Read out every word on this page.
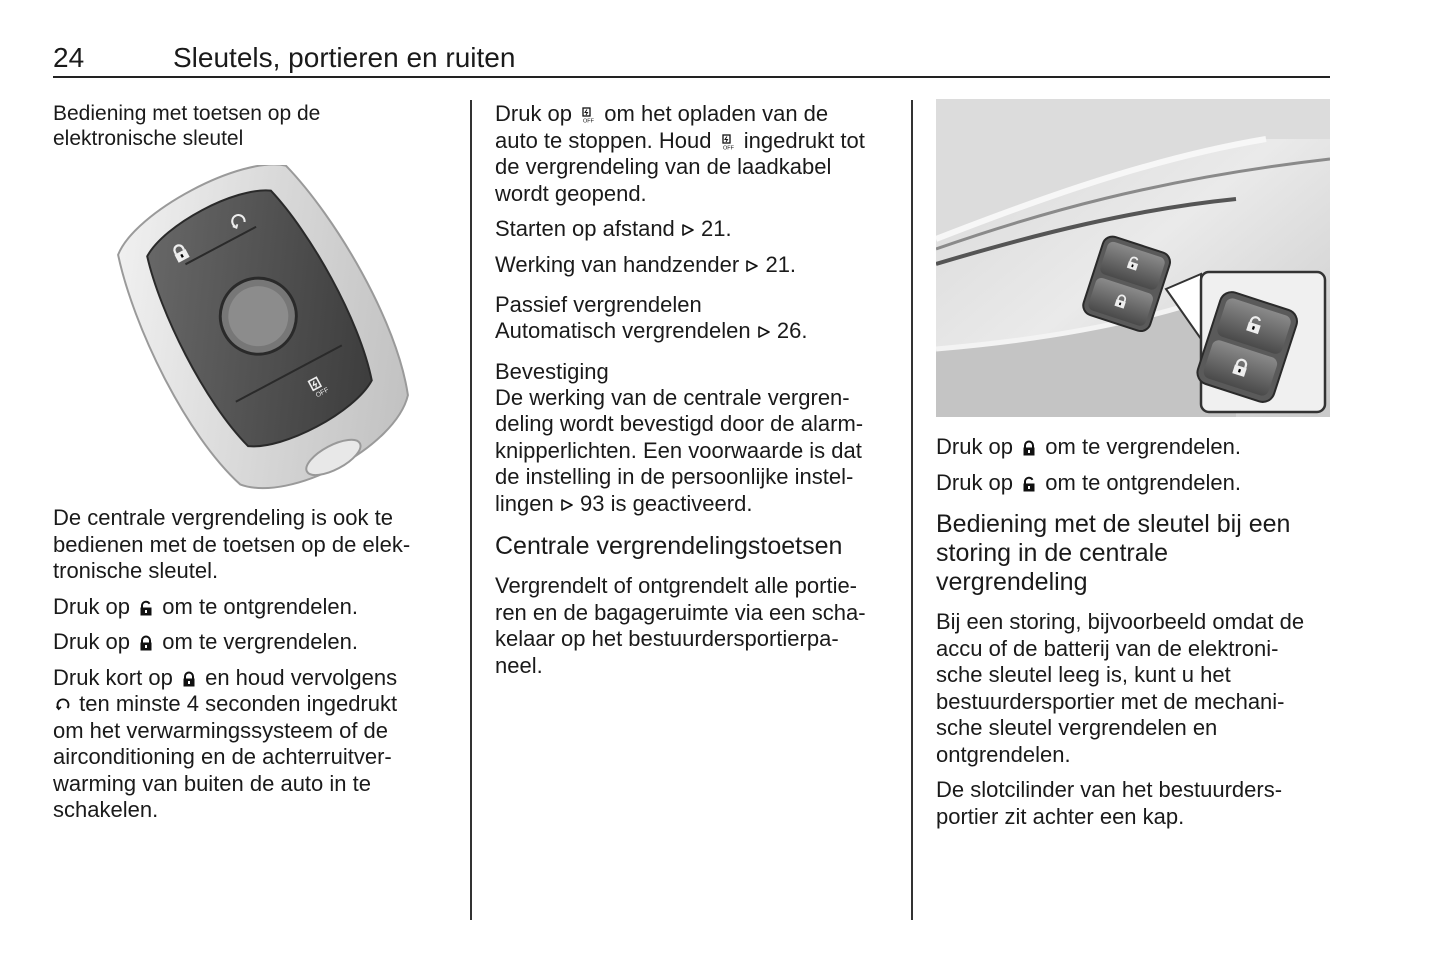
24	Sleutels, portieren en ruiten
Bediening met toetsen op de
elektronische sleutel

De centrale vergrendeling is ook te
bedienen met de toetsen op de elek-
tronische sleutel.

Druk op om te ontgrendelen.

Druk op om te vergrendelen.

Druk kort op en houd vervolgens
ten minste 4 seconden ingedrukt
om het verwarmingssysteem of de
airconditioning en de achterruitver-
warming van buiten de auto in te
schakelen.

Druk op om het opladen van de
auto te stoppen. Houd ingedrukt tot
de vergrendeling van de laadkabel
wordt geopend.

Starten op afstand 21.

Werking van handzender 21.

Passief vergrendelen

Automatisch vergrendelen 26.

Bevestiging

De werking van de centrale vergren-
deling wordt bevestigd door de alarm-
knipperlichten. Een voorwaarde is dat
de instelling in de persoonlijke instel-
lingen 93 is geactiveerd.

Centrale vergrendelingstoetsen

Vergrendelt of ontgrendelt alle portie-
ren en de bagageruimte via een scha-
kelaar op het bestuurdersportierpa-
neel.

Druk op om te vergrendelen.

Druk op om te ontgrendelen.

Bediening met de sleutel bij een
storing in de centrale
vergrendeling

Bij een storing, bijvoorbeeld omdat de
accu of de batterij van de elektroni-
sche sleutel leeg is, kunt u het
bestuurdersportier met de mechani-
sche sleutel vergrendelen en
ontgrendelen.

De slotcilinder van het bestuurders-
portier zit achter een kap.
